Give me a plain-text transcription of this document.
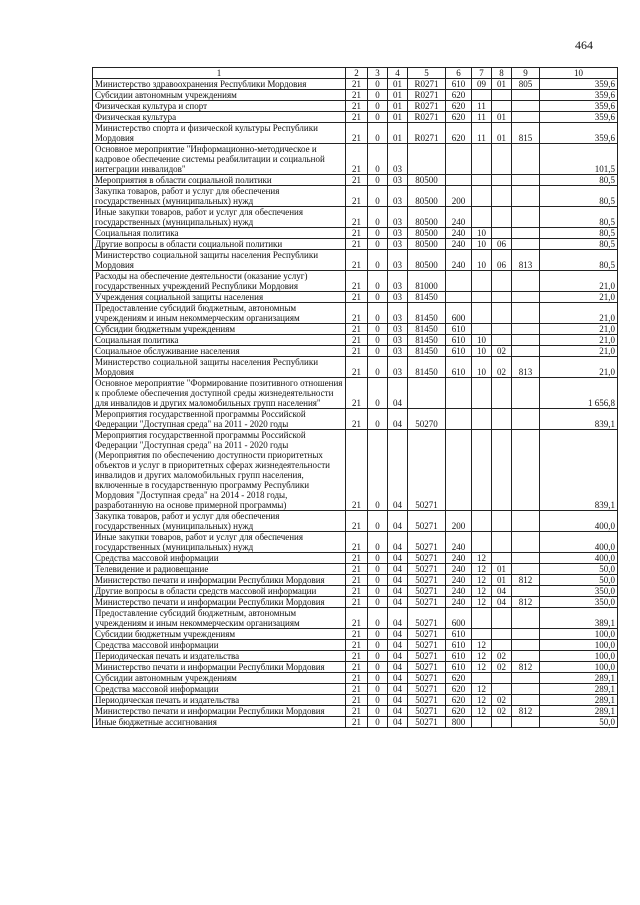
464
1	2	3	4	5	6	7	8	9	10
Министерство здравоохранения Республики Мордовия	21	0	01	R0271	610	09	01	805	359,6
Субсидии автономным учреждениям	21	0	01	R0271	620				359,6
Физическая культура и спорт	21	0	01	R0271	620	11			359,6
Физическая культура	21	0	01	R0271	620	11	01		359,6
Министерство спорта и физической культуры Республики Мордовия	21	0	01	R0271	620	11	01	815	359,6
Основное мероприятие "Информационно-методическое и кадровое обеспечение системы реабилитации и социальной интеграции инвалидов"	21	0	03						101,5
Мероприятия в области социальной политики	21	0	03	80500					80,5
Закупка товаров, работ и услуг для обеспечения государственных (муниципальных) нужд	21	0	03	80500	200				80,5
Иные закупки товаров, работ и услуг для обеспечения государственных (муниципальных) нужд	21	0	03	80500	240				80,5
Социальная политика	21	0	03	80500	240	10			80,5
Другие вопросы в области социальной политики	21	0	03	80500	240	10	06		80,5
Министерство социальной защиты населения Республики Мордовия	21	0	03	80500	240	10	06	813	80,5
Расходы на обеспечение деятельности (оказание услуг) государственных учреждений Республики Мордовия	21	0	03	81000					21,0
Учреждения социальной защиты населения	21	0	03	81450					21,0
Предоставление субсидий бюджетным, автономным учреждениям и иным некоммерческим организациям	21	0	03	81450	600				21,0
Субсидии бюджетным учреждениям	21	0	03	81450	610				21,0
Социальная политика	21	0	03	81450	610	10			21,0
Социальное обслуживание населения	21	0	03	81450	610	10	02		21,0
Министерство социальной защиты населения Республики Мордовия	21	0	03	81450	610	10	02	813	21,0
Основное мероприятие "Формирование позитивного отношения к проблеме обеспечения доступной среды жизнедеятельности для инвалидов и других маломобильных групп населения"	21	0	04						1 656,8
Мероприятия государственной программы Российской Федерации "Доступная среда" на 2011 - 2020 годы	21	0	04	50270					839,1
Мероприятия государственной программы Российской Федерации "Доступная среда" на 2011 - 2020 годы (Мероприятия по обеспечению доступности приоритетных объектов и услуг в приоритетных сферах жизнедеятельности инвалидов и других маломобильных групп населения, включенные в государственную программу Республики Мордовия "Доступная среда" на 2014 - 2018 годы, разработанную на основе примерной программы)	21	0	04	50271					839,1
Закупка товаров, работ и услуг для обеспечения государственных (муниципальных) нужд	21	0	04	50271	200				400,0
Иные закупки товаров, работ и услуг для обеспечения государственных (муниципальных) нужд	21	0	04	50271	240				400,0
Средства массовой информации	21	0	04	50271	240	12			400,0
Телевидение и радиовещание	21	0	04	50271	240	12	01		50,0
Министерство печати и информации Республики Мордовия	21	0	04	50271	240	12	01	812	50,0
Другие вопросы в области средств массовой информации	21	0	04	50271	240	12	04		350,0
Министерство печати и информации Республики Мордовия	21	0	04	50271	240	12	04	812	350,0
Предоставление субсидий бюджетным, автономным учреждениям и иным некоммерческим организациям	21	0	04	50271	600				389,1
Субсидии бюджетным учреждениям	21	0	04	50271	610				100,0
Средства массовой информации	21	0	04	50271	610	12			100,0
Периодическая печать и издательства	21	0	04	50271	610	12	02		100,0
Министерство печати и информации Республики Мордовия	21	0	04	50271	610	12	02	812	100,0
Субсидии автономным учреждениям	21	0	04	50271	620				289,1
Средства массовой информации	21	0	04	50271	620	12			289,1
Периодическая печать и издательства	21	0	04	50271	620	12	02		289,1
Министерство печати и информации Республики Мордовия	21	0	04	50271	620	12	02	812	289,1
Иные бюджетные ассигнования	21	0	04	50271	800				50,0
